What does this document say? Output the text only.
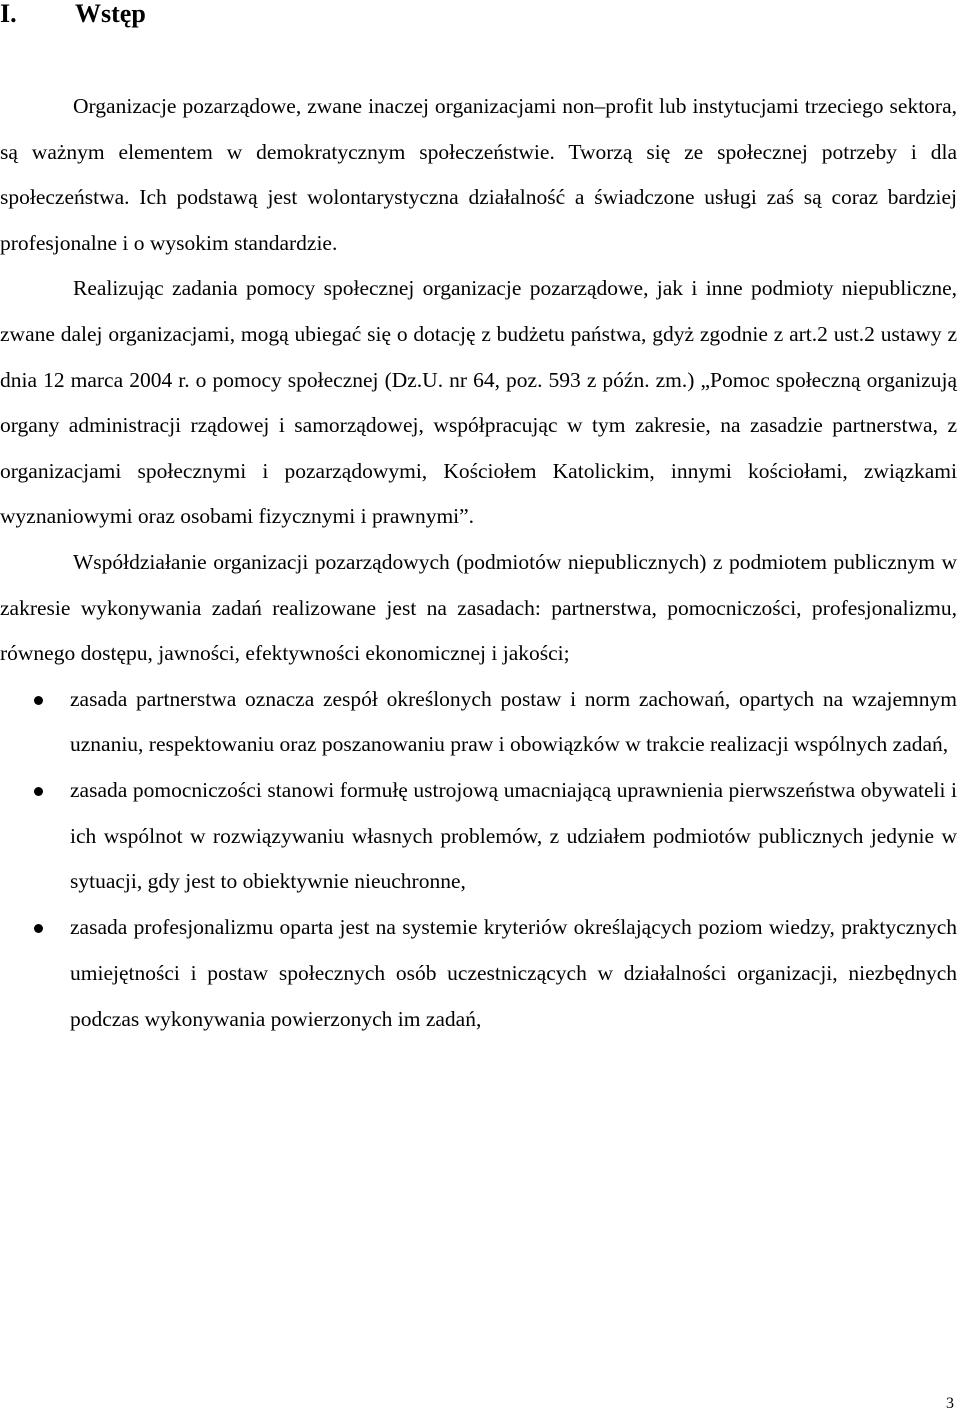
I. Wstęp

Organizacje pozarządowe, zwane inaczej organizacjami non–profit lub instytucjami trzeciego sektora, są ważnym elementem w demokratycznym społeczeństwie. Tworzą się ze społecznej potrzeby i dla społeczeństwa. Ich podstawą jest wolontarystyczna działalność a świadczone usługi zaś są coraz bardziej profesjonalne i o wysokim standardzie.

Realizując zadania pomocy społecznej organizacje pozarządowe, jak i inne podmioty niepubliczne, zwane dalej organizacjami, mogą ubiegać się o dotację z budżetu państwa, gdyż zgodnie z art.2 ust.2 ustawy z dnia 12 marca 2004 r. o pomocy społecznej (Dz.U. nr 64, poz. 593 z późn. zm.) „Pomoc społeczną organizują organy administracji rządowej i samorządowej, współpracując w tym zakresie, na zasadzie partnerstwa, z organizacjami społecznymi i pozarządowymi, Kościołem Katolickim, innymi kościołami, związkami wyznaniowymi oraz osobami fizycznymi i prawnymi”.

Współdziałanie organizacji pozarządowych (podmiotów niepublicznych) z podmiotem publicznym w zakresie wykonywania zadań realizowane jest na zasadach: partnerstwa, pomocniczości, profesjonalizmu, równego dostępu, jawności, efektywności ekonomicznej i jakości;

zasada partnerstwa oznacza zespół określonych postaw i norm zachowań, opartych na wzajemnym uznaniu, respektowaniu oraz poszanowaniu praw i obowiązków w trakcie realizacji wspólnych zadań,
zasada pomocniczości stanowi formułę ustrojową umacniającą uprawnienia pierwszeństwa obywateli i ich wspólnot w rozwiązywaniu własnych problemów, z udziałem podmiotów publicznych jedynie w sytuacji, gdy jest to obiektywnie nieuchronne,
zasada profesjonalizmu oparta jest na systemie kryteriów określających poziom wiedzy, praktycznych umiejętności i postaw społecznych osób uczestniczących w działalności organizacji, niezbędnych podczas wykonywania powierzonych im zadań,
3
